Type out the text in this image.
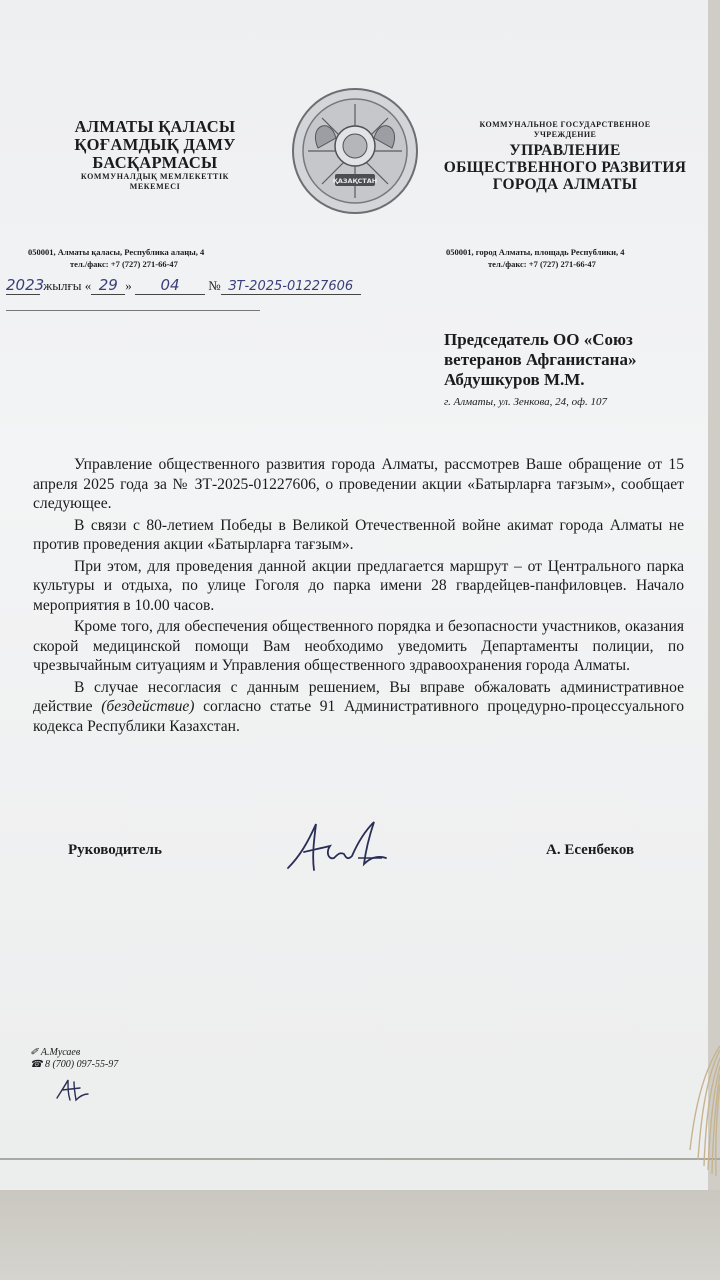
АЛМАТЫ ҚАЛАСЫ
ҚОҒАМДЫҚ ДАМУ
БАСҚАРМАСЫ
КОММУНАЛДЫҚ МЕМЛЕКЕТТІК
МЕКЕМЕСІ
ҚАЗАҚСТАН
КОММУНАЛЬНОЕ ГОСУДАРСТВЕННОЕ
УЧРЕЖДЕНИЕ
УПРАВЛЕНИЕ
ОБЩЕСТВЕННОГО РАЗВИТИЯ
ГОРОДА АЛМАТЫ
050001, Алматы қаласы, Республика алаңы, 4
тел./факс: +7 (727) 271-66-47
050001, город Алматы, площадь Республики, 4
тел./факс: +7 (727) 271-66-47
2023 жылғы « 29 » 04 № ЗТ-2025-01227606
Председатель ОО «Союз
ветеранов Афганистана»
Абдушкуров М.М.
г. Алматы, ул. Зенкова, 24, оф. 107

Управление общественного развития города Алматы, рассмотрев Ваше обращение от 15 апреля 2025 года за № ЗТ-2025-01227606, о проведении акции «Батырларға тағзым», сообщает следующее.

В связи с 80-летием Победы в Великой Отечественной войне акимат города Алматы не против проведения акции «Батырларға тағзым».

При этом, для проведения данной акции предлагается маршрут – от Центрального парка культуры и отдыха, по улице Гоголя до парка имени 28 гвардейцев-панфиловцев. Начало мероприятия в 10.00 часов.

Кроме того, для обеспечения общественного порядка и безопасности участников, оказания скорой медицинской помощи Вам необходимо уведомить Департаменты полиции, по чрезвычайным ситуациям и Управления общественного здравоохранения города Алматы.

В случае несогласия с данным решением, Вы вправе обжаловать административное действие (бездействие) согласно статье 91 Административного процедурно-процессуального кодекса Республики Казахстан.

Руководитель	А. Есенбеков
✐ А.Мусаев
☎ 8 (700) 097-55-97
